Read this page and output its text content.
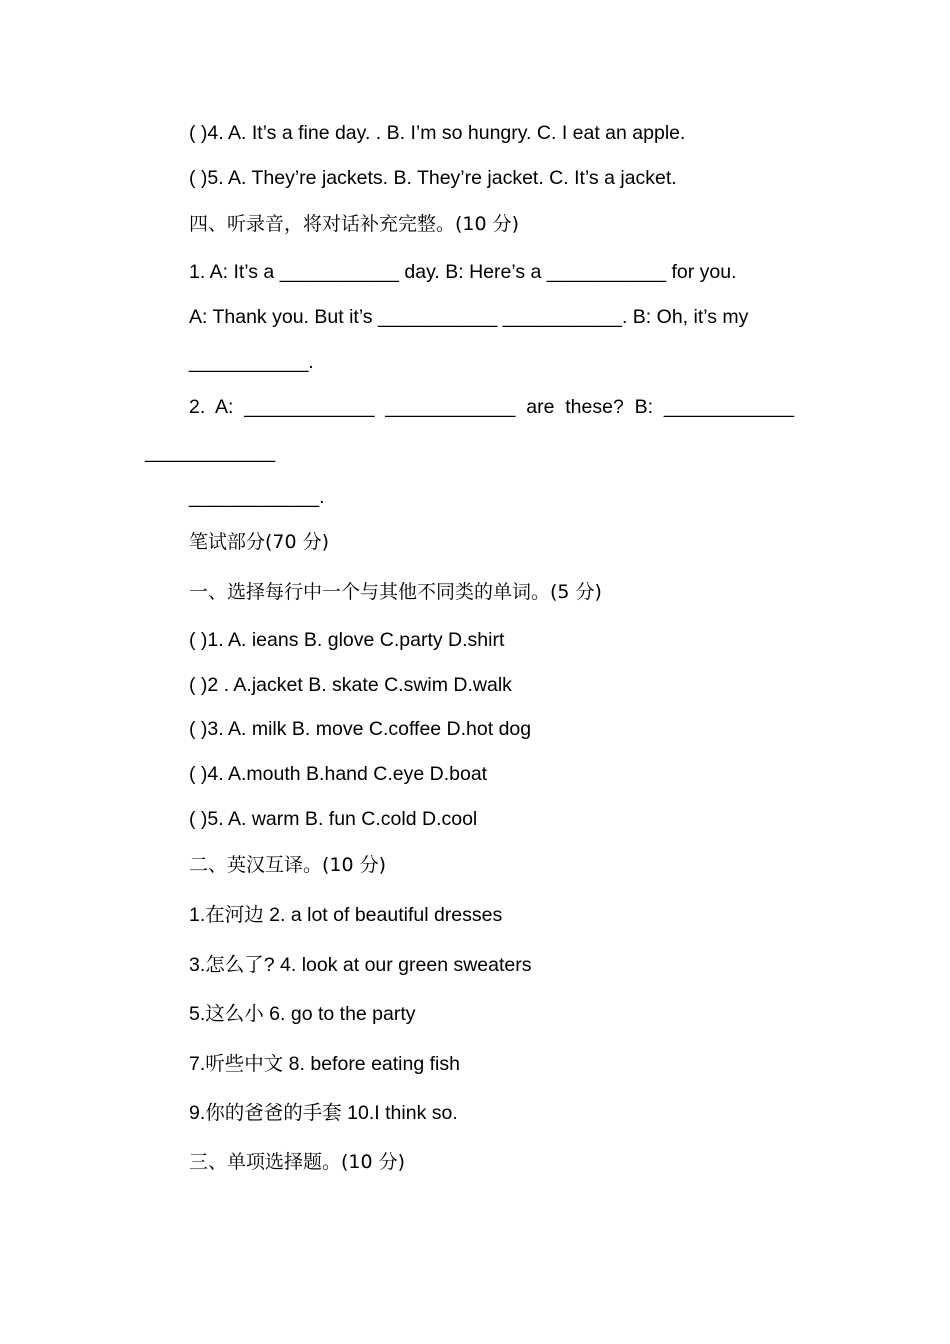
( )4. A. It’s a fine day. . B. I’m so hungry. C. I eat an apple.
( )5. A. They’re jackets. B. They’re jacket. C. It’s a jacket.
四、听录音，将对话补充完整。(10 分)
1. A: It’s a ___________ day. B: Here’s a ___________ for you.
A: Thank you. But it’s ___________ ___________. B: Oh, it’s my
___________.
2.  A:  ____________  ____________  are  these?  B:  ____________
____________
____________.
笔试部分(70 分)
一、选择每行中一个与其他不同类的单词。(5 分)
( )1. A. ieans B. glove C.party D.shirt
( )2 . A.jacket B. skate C.swim D.walk
( )3. A. milk B. move C.coffee D.hot dog
( )4. A.mouth B.hand C.eye D.boat
( )5. A. warm B. fun C.cold D.cool
二、英汉互译。(10 分)
1.在河边 2. a lot of beautiful dresses
3.怎么了? 4. look at our green sweaters
5.这么小 6. go to the party
7.听些中文 8. before eating fish
9.你的爸爸的手套 10.I think so.
三、单项选择题。(10 分)
